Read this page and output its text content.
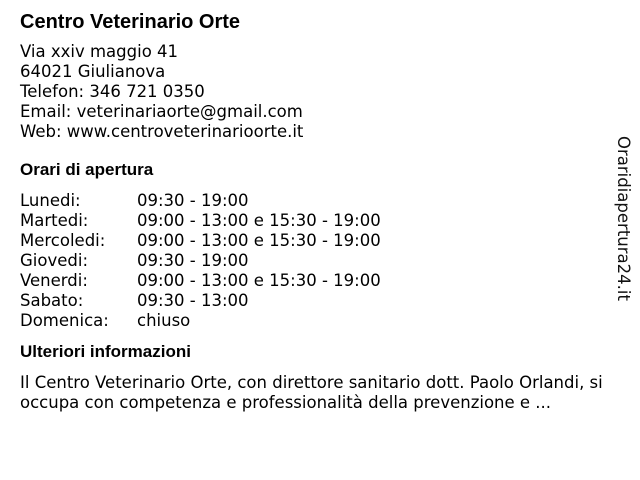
Centro Veterinario Orte
Via xxiv maggio 41
64021 Giulianova
Telefon: 346 721 0350
Email: veterinariaorte@gmail.com
Web: www.centroveterinarioorte.it
Orari di apertura
Lunedi:	09:30 - 19:00
Martedi:	09:00 - 13:00 e 15:30 - 19:00
Mercoledi:	09:00 - 13:00 e 15:30 - 19:00
Giovedi:	09:30 - 19:00
Venerdi:	09:00 - 13:00 e 15:30 - 19:00
Sabato:	09:30 - 13:00
Domenica:	chiuso
Ulteriori informazioni
Il Centro Veterinario Orte, con direttore sanitario dott. Paolo Orlandi, si occupa con competenza e professionalità della prevenzione e ...
Oraridiapertura24.it
